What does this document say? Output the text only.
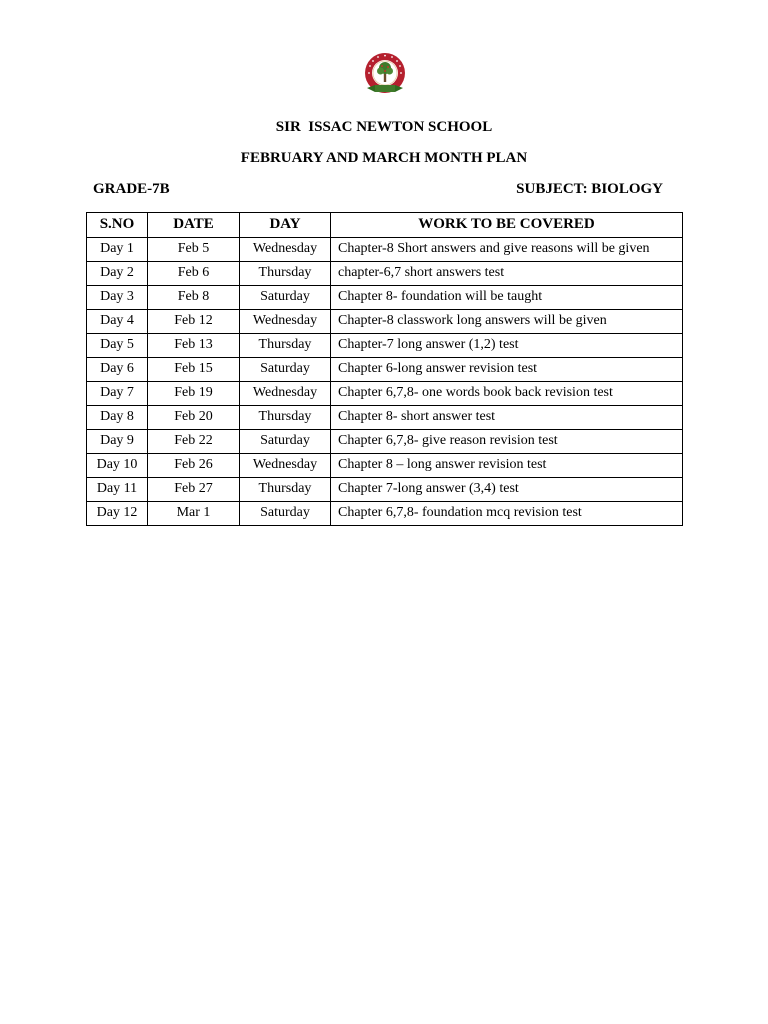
SIR  ISSAC NEWTON SCHOOL
FEBRUARY AND MARCH MONTH PLAN
GRADE-7B	SUBJECT: BIOLOGY
S.NO	DATE	DAY	WORK TO BE COVERED
Day 1	Feb 5	Wednesday	Chapter-8 Short answers and give reasons will be given
Day 2	Feb 6	Thursday	chapter-6,7 short answers test
Day 3	Feb 8	Saturday	Chapter 8- foundation will be taught
Day 4	Feb 12	Wednesday	Chapter-8 classwork long answers will be given
Day 5	Feb 13	Thursday	Chapter-7 long answer (1,2) test
Day 6	Feb 15	Saturday	Chapter 6-long answer revision test
Day 7	Feb 19	Wednesday	Chapter 6,7,8- one words book back revision test
Day 8	Feb 20	Thursday	Chapter 8- short answer test
Day 9	Feb 22	Saturday	Chapter 6,7,8- give reason revision test
Day 10	Feb 26	Wednesday	Chapter 8 – long answer revision test
Day 11	Feb 27	Thursday	Chapter 7-long answer (3,4) test
Day 12	Mar 1	Saturday	Chapter 6,7,8- foundation mcq revision test
